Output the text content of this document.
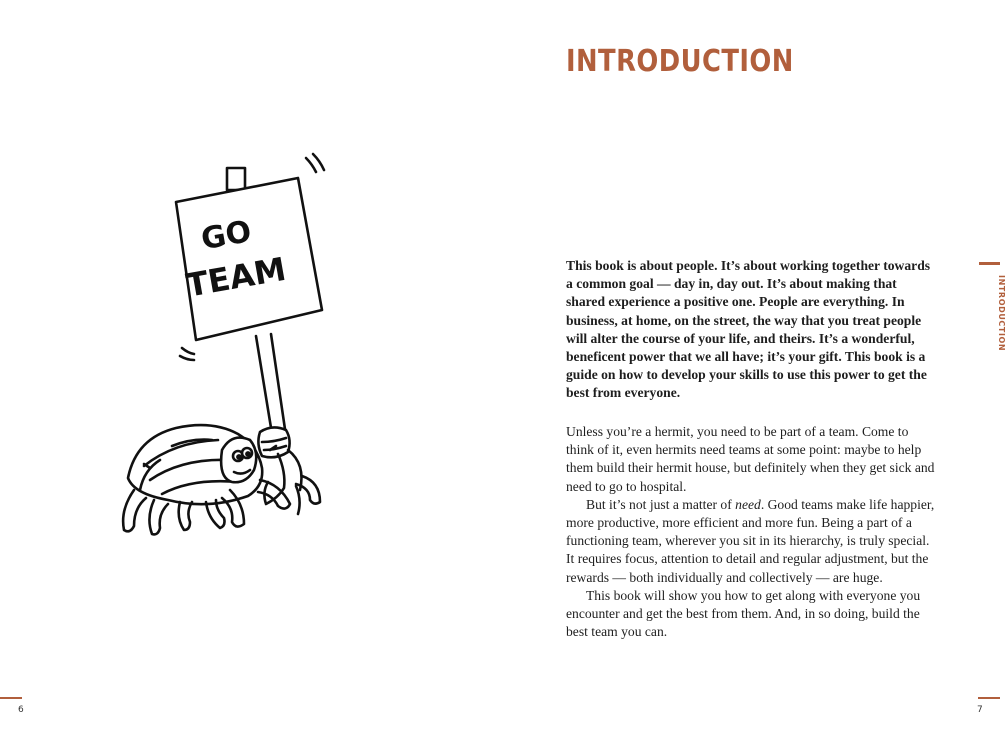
GO
TEAM
6
INTRODUCTION

This book is about people. It’s about working together towards a common goal — day in, day out. It’s about making that shared experience a positive one. People are everything. In business, at home, on the street, the way that you treat people will alter the course of your life, and theirs. It’s a wonderful, beneficent power that we all have; it’s your gift. This book is a guide on how to develop your skills to use this power to get the best from everyone.

Unless you’re a hermit, you need to be part of a team. Come to think of it, even hermits need teams at some point: maybe to help them build their hermit house, but definitely when they get sick and need to go to hospital.

But it’s not just a matter of need. Good teams make life happier, more productive, more efficient and more fun. Being a part of a functioning team, wherever you sit in its hierarchy, is truly special. It requires focus, attention to detail and regular adjustment, but the rewards — both individually and collectively — are huge.

This book will show you how to get along with everyone you encounter and get the best from them. And, in so doing, build the best team you can.

INTRODUCTION
7
